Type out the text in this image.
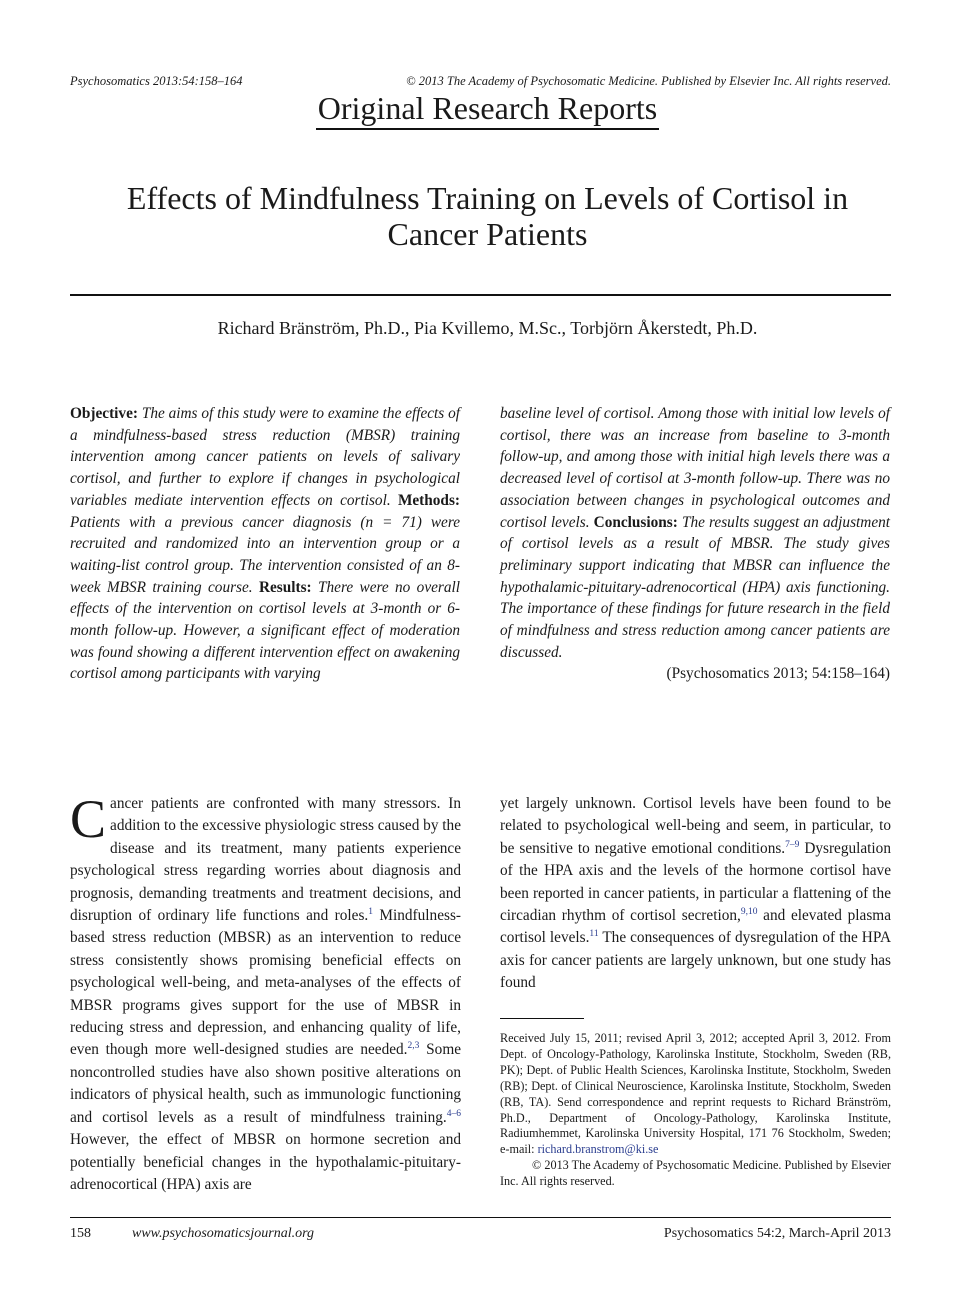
Psychosomatics 2013:54:158–164	© 2013 The Academy of Psychosomatic Medicine. Published by Elsevier Inc. All rights reserved.
Original Research Reports
Effects of Mindfulness Training on Levels of Cortisol in Cancer Patients
Richard Bränström, Ph.D., Pia Kvillemo, M.Sc., Torbjörn Åkerstedt, Ph.D.
Objective: The aims of this study were to examine the effects of a mindfulness-based stress reduction (MBSR) training intervention among cancer patients on levels of salivary cortisol, and further to explore if changes in psychological variables mediate intervention effects on cortisol. Methods: Patients with a previous cancer diagnosis (n = 71) were recruited and randomized into an intervention group or a waiting-list control group. The intervention consisted of an 8-week MBSR training course. Results: There were no overall effects of the intervention on cortisol levels at 3-month or 6-month follow-up. However, a significant effect of moderation was found showing a different intervention effect on awakening cortisol among participants with varying
baseline level of cortisol. Among those with initial low levels of cortisol, there was an increase from baseline to 3-month follow-up, and among those with initial high levels there was a decreased level of cortisol at 3-month follow-up. There was no association between changes in psychological outcomes and cortisol levels. Conclusions: The results suggest an adjustment of cortisol levels as a result of MBSR. The study gives preliminary support indicating that MBSR can influence the hypothalamic-pituitary-adrenocortical (HPA) axis functioning. The importance of these findings for future research in the field of mindfulness and stress reduction among cancer patients are discussed.
(Psychosomatics 2013; 54:158–164)
Cancer patients are confronted with many stressors. In addition to the excessive physiologic stress caused by the disease and its treatment, many patients experience psychological stress regarding worries about diagnosis and prognosis, demanding treatments and treatment decisions, and disruption of ordinary life functions and roles.$^1$ Mindfulness-based stress reduction (MBSR) as an intervention to reduce stress consistently shows promising beneficial effects on psychological well-being, and meta-analyses of the effects of MBSR programs gives support for the use of MBSR in reducing stress and depression, and enhancing quality of life, even though more well-designed studies are needed.$^{2,3}$ Some noncontrolled studies have also shown positive alterations on indicators of physical health, such as immunologic functioning and cortisol levels as a result of mindfulness training.$^{4-6}$ However, the effect of MBSR on hormone secretion and potentially beneficial changes in the hypothalamic-pituitary-adrenocortical (HPA) axis are
yet largely unknown. Cortisol levels have been found to be related to psychological well-being and seem, in particular, to be sensitive to negative emotional conditions.$^{7-9}$ Dysregulation of the HPA axis and the levels of the hormone cortisol have been reported in cancer patients, in particular a flattening of the circadian rhythm of cortisol secretion,$^{9,10}$ and elevated plasma cortisol levels.$^{11}$ The consequences of dysregulation of the HPA axis for cancer patients are largely unknown, but one study has found
Received July 15, 2011; revised April 3, 2012; accepted April 3, 2012. From Dept. of Oncology-Pathology, Karolinska Institute, Stockholm, Sweden (RB, PK); Dept. of Public Health Sciences, Karolinska Institute, Stockholm, Sweden (RB); Dept. of Clinical Neuroscience, Karolinska Institute, Stockholm, Sweden (RB, TA). Send correspondence and reprint requests to Richard Bränström, Ph.D., Department of Oncology-Pathology, Karolinska Institute, Radiumhemmet, Karolinska University Hospital, 171 76 Stockholm, Sweden; e-mail: richard.branstrom@ki.se
© 2013 The Academy of Psychosomatic Medicine. Published by Elsevier Inc. All rights reserved.
158	www.psychosomaticsjournal.org	Psychosomatics 54:2, March-April 2013
